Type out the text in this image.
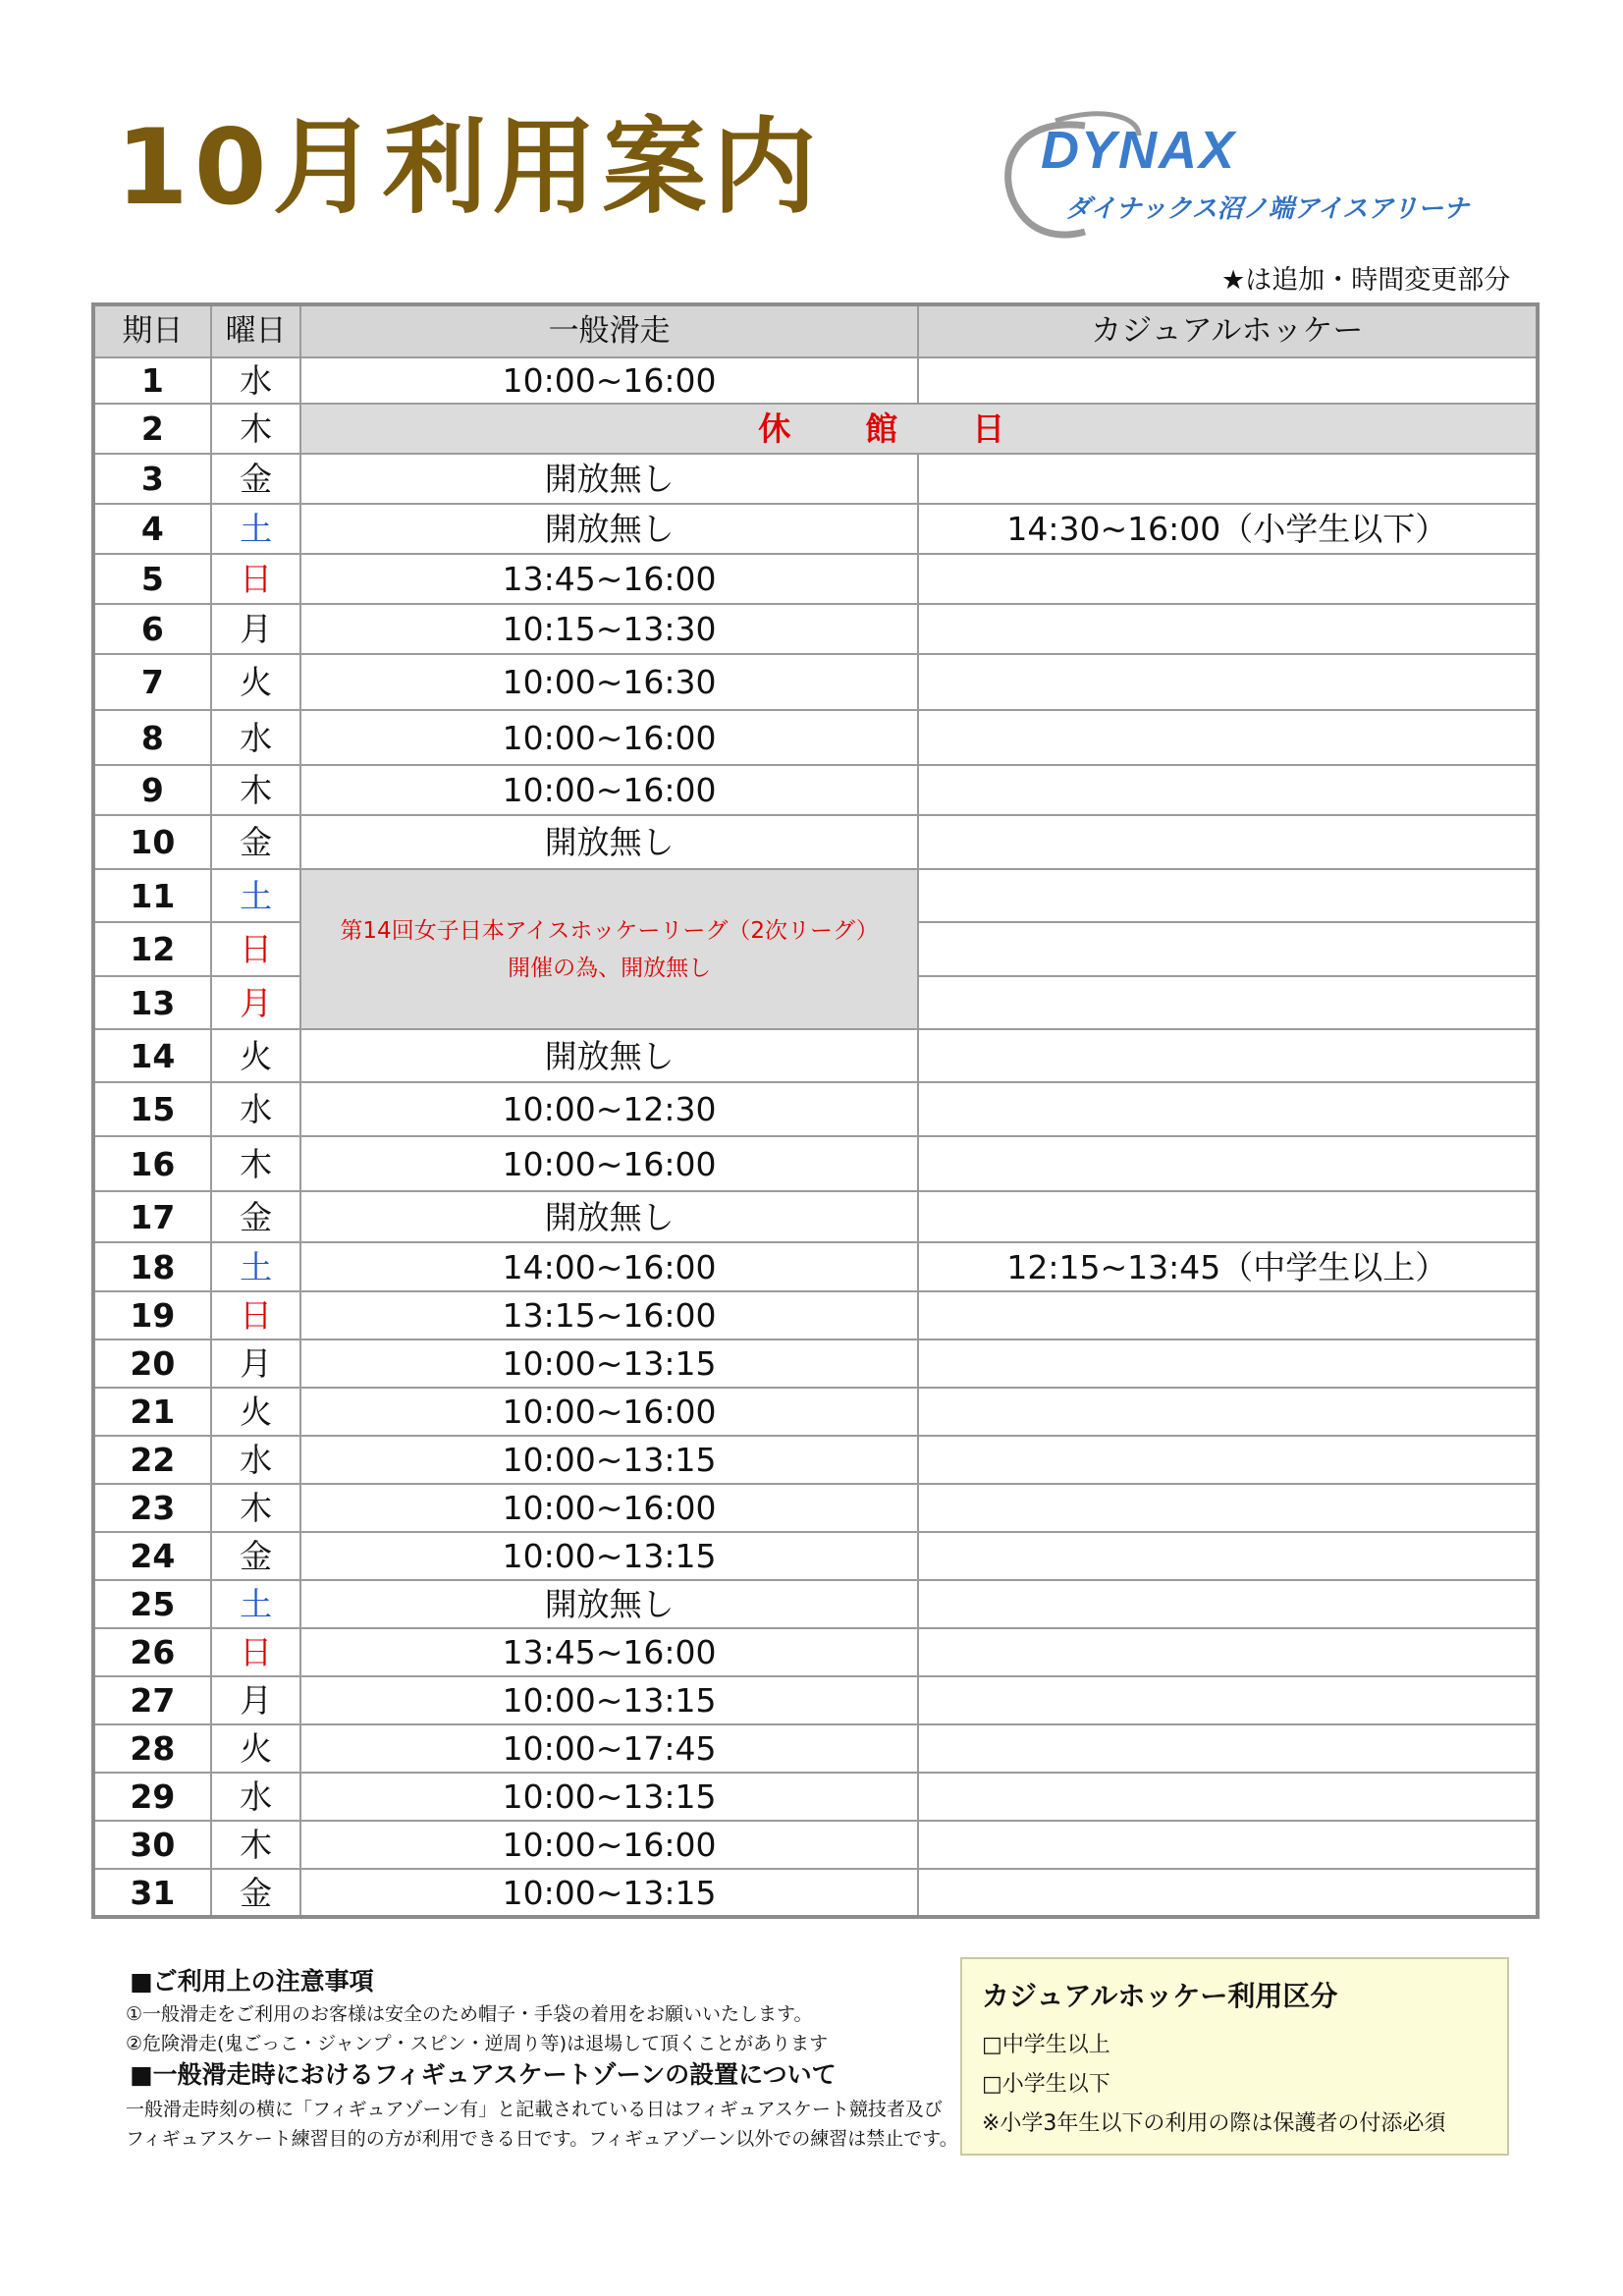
10月利用案内	DYNAX
ダイナックス沼ノ端アイスアリーナ
★は追加・時間変更部分
期日	曜日	一般滑走	カジュアルホッケー
1	水	10:00~16:00	
2	木	休館日	
3	金	開放無し	
4	土	開放無し	14:30~16:00（小学生以下）
5	日	13:45~16:00	
6	月	10:15~13:30	
7	火	10:00~16:30	
8	水	10:00~16:00	
9	木	10:00~16:00	
10	金	開放無し	
11	土	第14回女子日本アイスホッケーリーグ（2次リーグ）
開催の為、開放無し	
12	日		
13	月		
14	火	開放無し	
15	水	10:00~12:30	
16	木	10:00~16:00	
17	金	開放無し	
18	土	14:00~16:00	12:15~13:45（中学生以上）
19	日	13:15~16:00	
20	月	10:00~13:15	
21	火	10:00~16:00	
22	水	10:00~13:15	
23	木	10:00~16:00	
24	金	10:00~13:15	
25	土	開放無し	
26	日	13:45~16:00	
27	月	10:00~13:15	
28	火	10:00~17:45	
29	水	10:00~13:15	
30	木	10:00~16:00	
31	金	10:00~13:15	
■ご利用上の注意事項
①一般滑走をご利用のお客様は安全のため帽子・手袋の着用をお願いいたします。
②危険滑走(鬼ごっこ・ジャンプ・スピン・逆周り等)は退場して頂くことがあります
■一般滑走時におけるフィギュアスケートゾーンの設置について
一般滑走時刻の横に「フィギュアゾーン有」と記載されている日はフィギュアスケート競技者及び
フィギュアスケート練習目的の方が利用できる日です。フィギュアゾーン以外での練習は禁止です。
カジュアルホッケー利用区分
□中学生以上
□小学生以下
※小学3年生以下の利用の際は保護者の付添必須
